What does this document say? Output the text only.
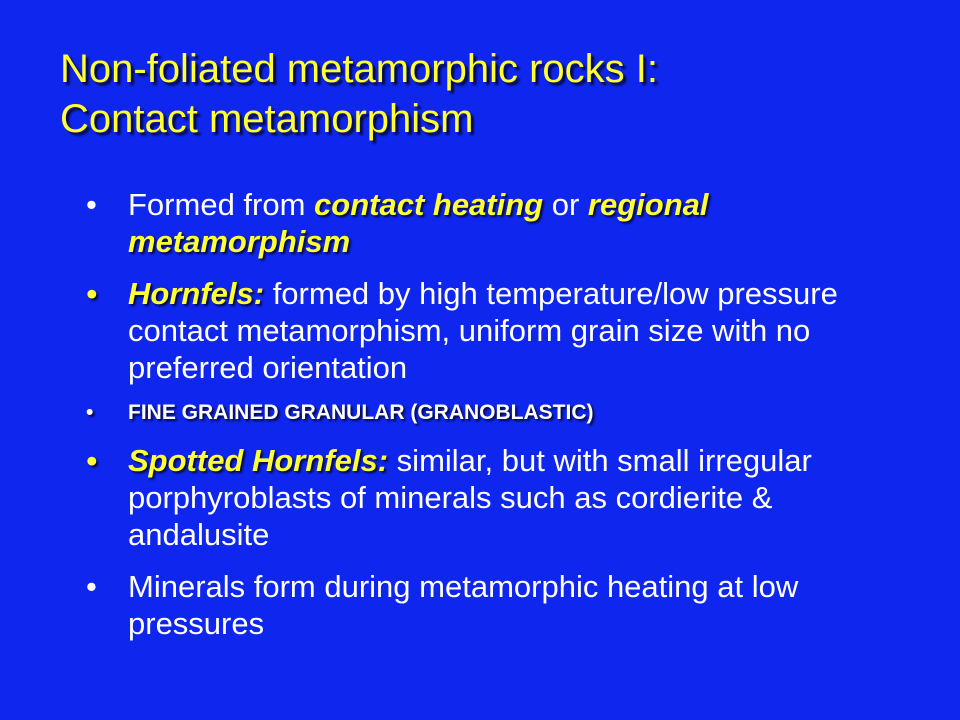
Non-foliated metamorphic rocks I:
Contact metamorphism
•	Formed from contact heating or regional metamorphism
•	Hornfels: formed by high temperature/low pressure contact metamorphism, uniform grain size with no preferred orientation
•	FINE GRAINED GRANULAR (GRANOBLASTIC)
•	Spotted Hornfels: similar, but with small irregular porphyroblasts of minerals such as cordierite & andalusite
•	Minerals form during metamorphic heating at low pressures
